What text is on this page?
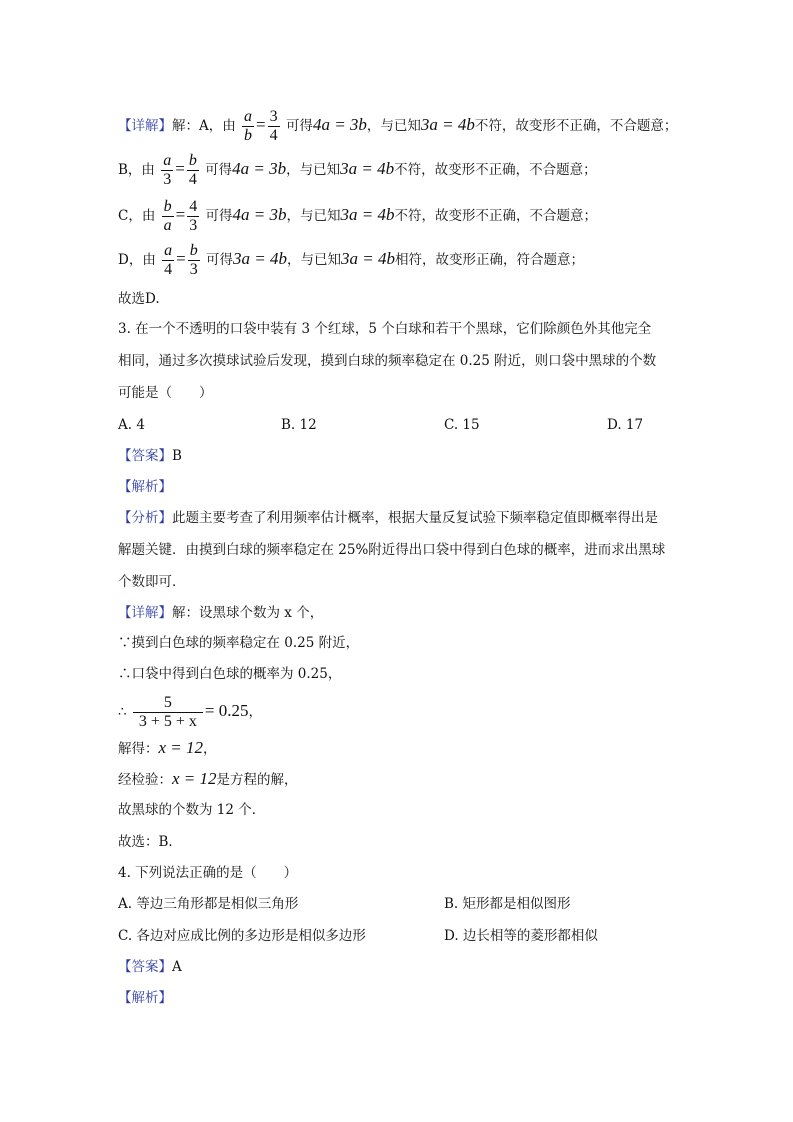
【详解】解：A，由 $\frac{a}{b} = \frac{3}{4}$ 可得4a = 3b，与已知3a = 4b不符，故变形不正确，不合题意；
B，由 $\frac{a}{3} = \frac{b}{4}$ 可得4a = 3b，与已知3a = 4b不符，故变形不正确，不合题意；
C，由 $\frac{b}{a} = \frac{4}{3}$ 可得4a = 3b，与已知3a = 4b不符，故变形不正确，不合题意；
D，由 $\frac{a}{4} = \frac{b}{3}$ 可得3a = 4b，与已知3a = 4b相符，故变形正确，符合题意；
故选D.
3. 在一个不透明的口袋中装有 3 个红球，5 个白球和若干个黑球，它们除颜色外其他完全
相同，通过多次摸球试验后发现，摸到白球的频率稳定在 0.25 附近，则口袋中黑球的个数
可能是（　　）
A. 4	B. 12	C. 15	D. 17
【答案】B
【解析】
【分析】此题主要考查了利用频率估计概率，根据大量反复试验下频率稳定值即概率得出是
解题关键．由摸到白球的频率稳定在 25%附近得出口袋中得到白色球的概率，进而求出黑球
个数即可．
【详解】解：设黑球个数为 x 个，
∵摸到白色球的频率稳定在 0.25 附近，
∴口袋中得到白色球的概率为 0.25，
∴ $\frac{5}{3 + 5 + x} = 0.25$，
解得：x = 12，
经检验：x = 12是方程的解，
故黑球的个数为 12 个．
故选：B．
4. 下列说法正确的是（　　）
A. 等边三角形都是相似三角形	B. 矩形都是相似图形
C. 各边对应成比例的多边形是相似多边形	D. 边长相等的菱形都相似
【答案】A
【解析】
